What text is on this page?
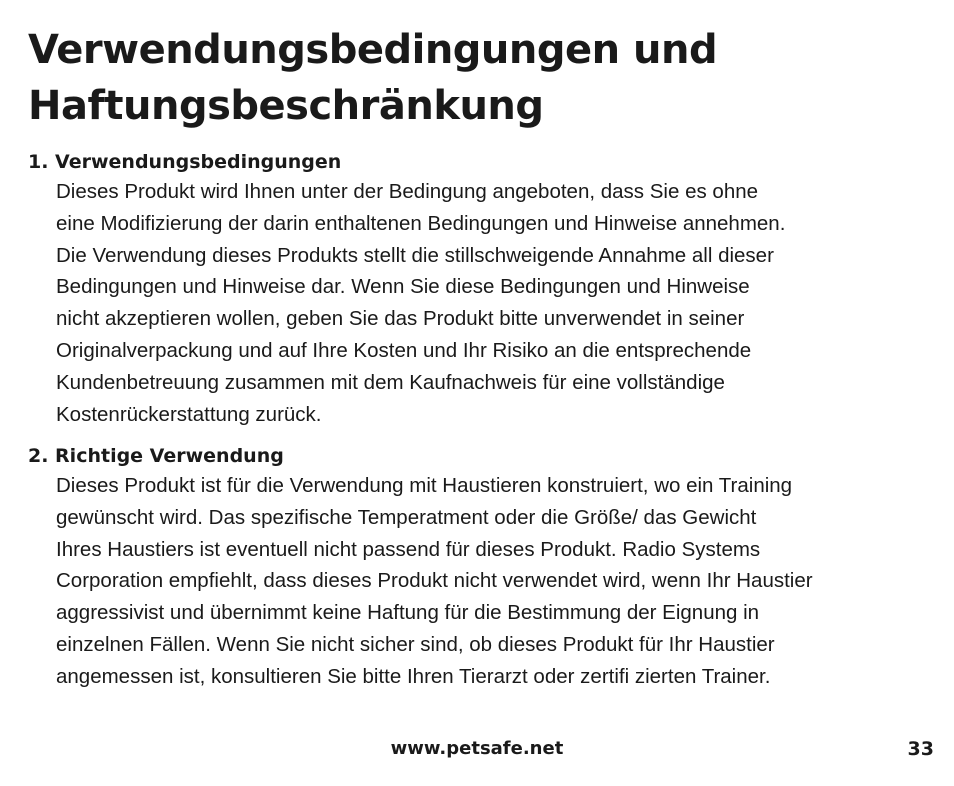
Verwendungsbedingungen und Haftungsbeschränkung
1. Verwendungsbedingungen
Dieses Produkt wird Ihnen unter der Bedingung angeboten, dass Sie es ohne
eine Modifizierung der darin enthaltenen Bedingungen und Hinweise annehmen.
Die Verwendung dieses Produkts stellt die stillschweigende Annahme all dieser
Bedingungen und Hinweise dar. Wenn Sie diese Bedingungen und Hinweise
nicht akzeptieren wollen, geben Sie das Produkt bitte unverwendet in seiner
Originalverpackung und auf Ihre Kosten und Ihr Risiko an die entsprechende
Kundenbetreuung zusammen mit dem Kaufnachweis für eine vollständige
Kostenrückerstattung zurück.
2. Richtige Verwendung
Dieses Produkt ist für die Verwendung mit Haustieren konstruiert, wo ein Training
gewünscht wird. Das spezifische Temperatment oder die Größe/ das Gewicht
Ihres Haustiers ist eventuell nicht passend für dieses Produkt. Radio Systems
Corporation empfiehlt, dass dieses Produkt nicht verwendet wird, wenn Ihr Haustier
aggressivist und übernimmt keine Haftung für die Bestimmung der Eignung in
einzelnen Fällen. Wenn Sie nicht sicher sind, ob dieses Produkt für Ihr Haustier
angemessen ist, konsultieren Sie bitte Ihren Tierarzt oder zertifi zierten Trainer.
www.petsafe.net	33
